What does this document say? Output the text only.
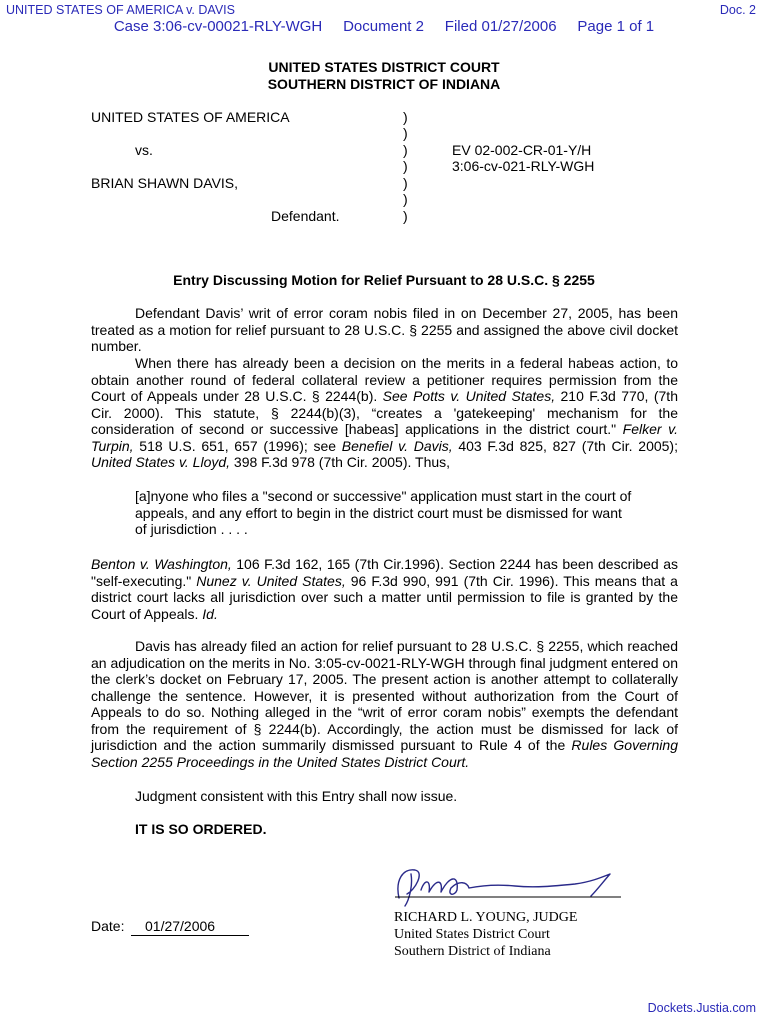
UNITED STATES OF AMERICA v. DAVIS	Doc. 2
Case 3:06-cv-00021-RLY-WGH     Document 2     Filed 01/27/2006     Page 1 of 1
UNITED STATES DISTRICT COURT
SOUTHERN DISTRICT OF INDIANA
UNITED STATES OF AMERICA
vs.
BRIAN SHAWN DAVIS,
Defendant.
)
)
)
)
)
)
)
EV 02-002-CR-01-Y/H
3:06-cv-021-RLY-WGH
Entry Discussing Motion for Relief Pursuant to 28 U.S.C. § 2255

Defendant Davis’ writ of error coram nobis filed in on December 27, 2005, has been treated as a motion for relief pursuant to 28 U.S.C. § 2255 and assigned the above civil docket number.

When there has already been a decision on the merits in a federal habeas action, to obtain another round of federal collateral review a petitioner requires permission from the Court of Appeals under 28 U.S.C. § 2244(b). See Potts v. United States, 210 F.3d 770, (7th Cir. 2000). This statute, § 2244(b)(3), “creates a 'gatekeeping' mechanism for the consideration of second or successive [habeas] applications in the district court." Felker v. Turpin, 518 U.S. 651, 657 (1996); see Benefiel v. Davis, 403 F.3d 825, 827 (7th Cir. 2005); United States v. Lloyd, 398 F.3d 978 (7th Cir. 2005). Thus,

[a]nyone who files a "second or successive" application must start in the court of appeals, and any effort to begin in the district court must be dismissed for want of jurisdiction . . . .

Benton v. Washington, 106 F.3d 162, 165 (7th Cir.1996). Section 2244 has been described as "self-executing." Nunez v. United States, 96 F.3d 990, 991 (7th Cir. 1996). This means that a district court lacks all jurisdiction over such a matter until permission to file is granted by the Court of Appeals. Id.

Davis has already filed an action for relief pursuant to 28 U.S.C. § 2255, which reached an adjudication on the merits in No. 3:05-cv-0021-RLY-WGH through final judgment entered on the clerk’s docket on February 17, 2005. The present action is another attempt to collaterally challenge the sentence. However, it is presented without authorization from the Court of Appeals to do so. Nothing alleged in the “writ of error coram nobis” exempts the defendant from the requirement of § 2244(b). Accordingly, the action must be dismissed for lack of jurisdiction and the action summarily dismissed pursuant to Rule 4 of the Rules Governing Section 2255 Proceedings in the United States District Court.

Judgment consistent with this Entry shall now issue.
IT IS SO ORDERED.
RICHARD L. YOUNG, JUDGE
United States District Court
Southern District of Indiana
Date:	01/27/2006
Dockets.Justia.com
